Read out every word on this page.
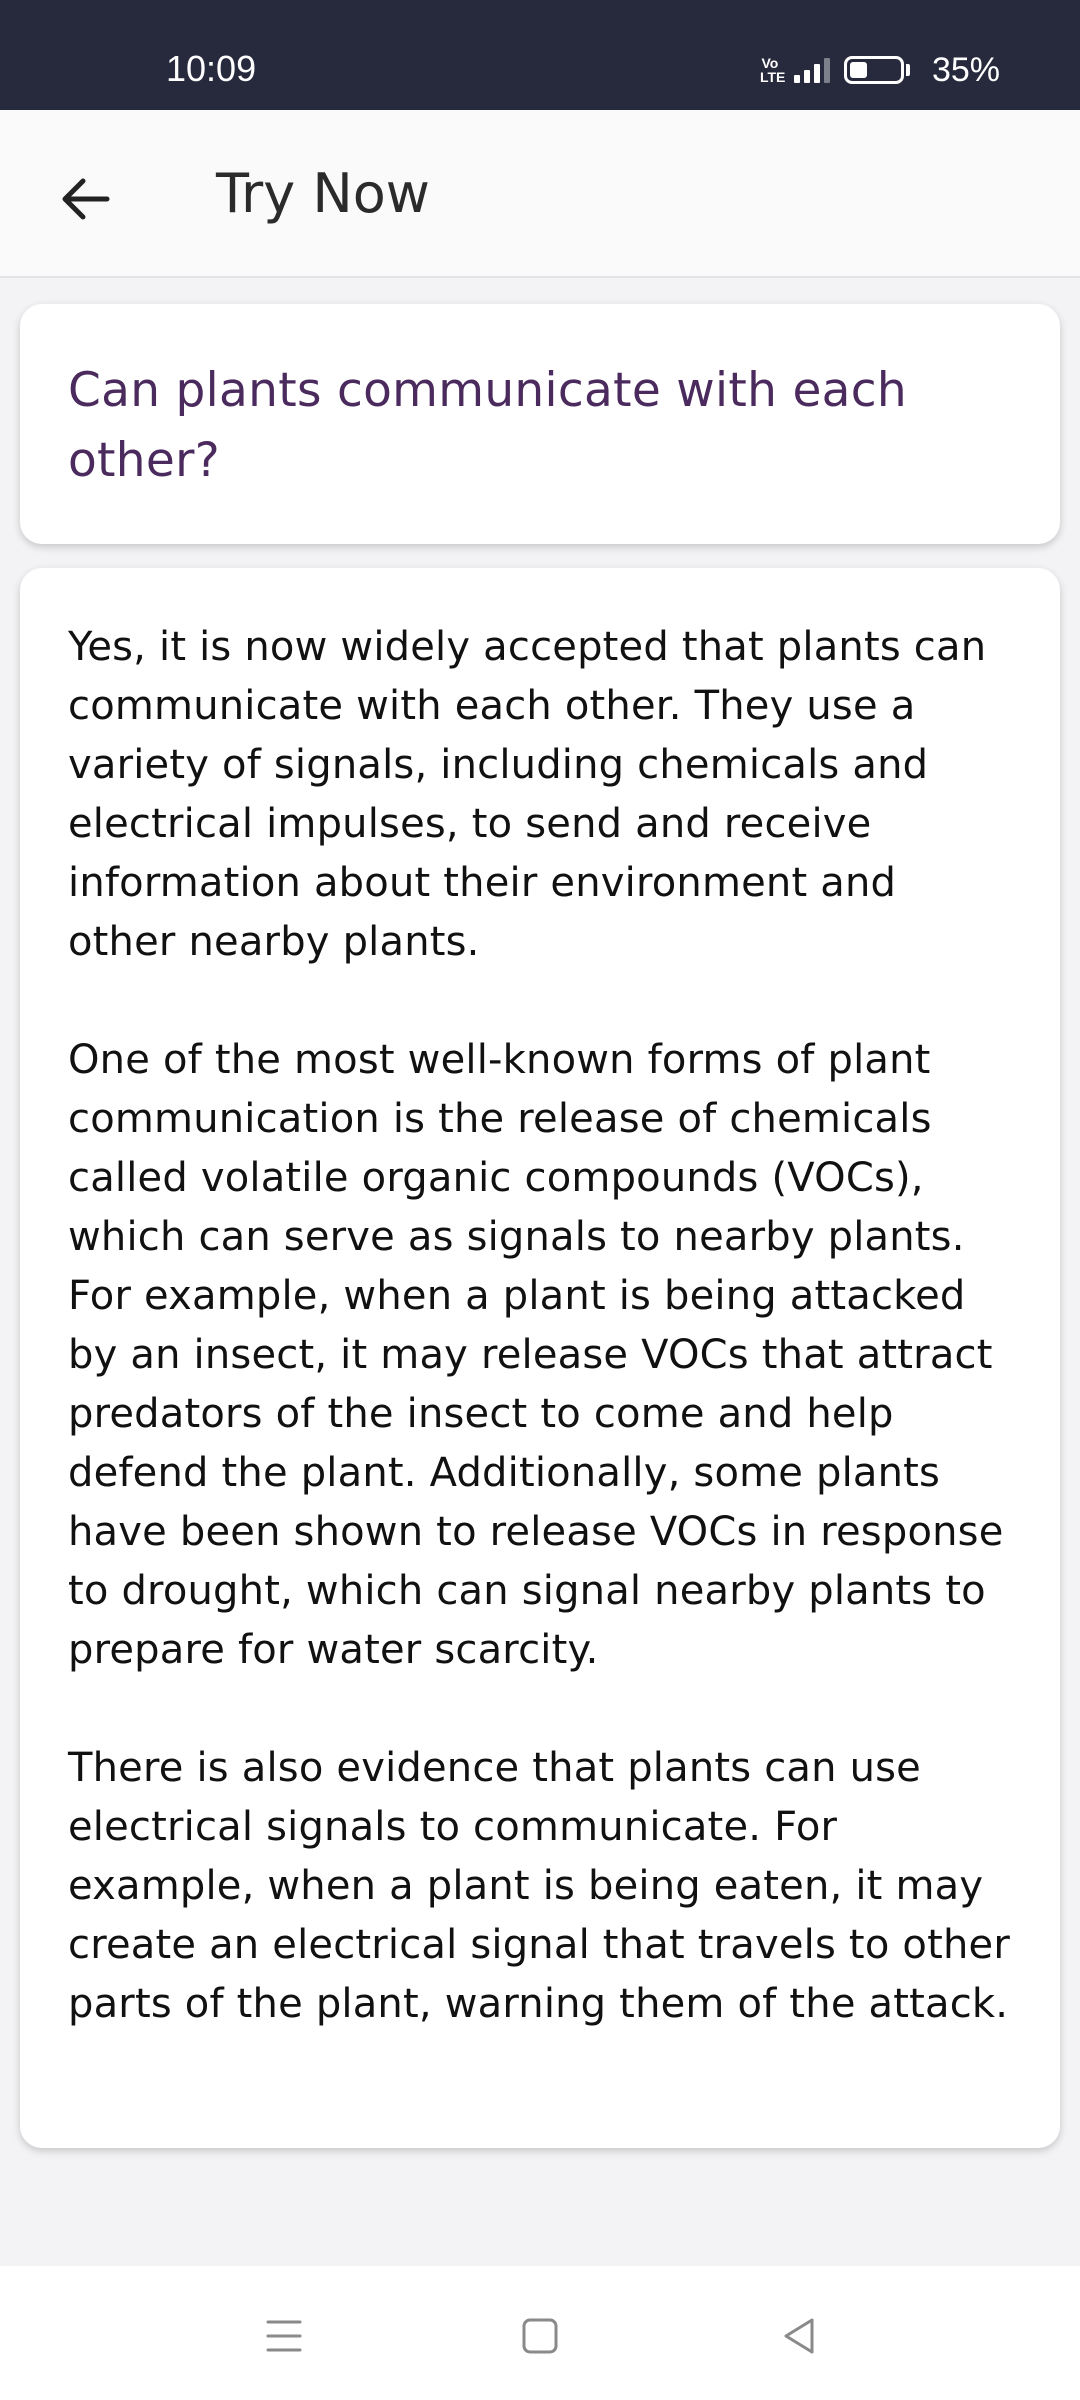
10:09	Vo
LTE	35%
Try Now
Can plants communicate with each other?

Yes, it is now widely accepted that plants can communicate with each other. They use a variety of signals, including chemicals and electrical impulses, to send and receive information about their environment and other nearby plants.

One of the most well-known forms of plant communication is the release of chemicals called volatile organic compounds (VOCs), which can serve as signals to nearby plants. For example, when a plant is being attacked by an insect, it may release VOCs that attract predators of the insect to come and help defend the plant. Additionally, some plants have been shown to release VOCs in response to drought, which can signal nearby plants to prepare for water scarcity.

There is also evidence that plants can use electrical signals to communicate. For example, when a plant is being eaten, it may create an electrical signal that travels to other parts of the plant, warning them of the attack.
